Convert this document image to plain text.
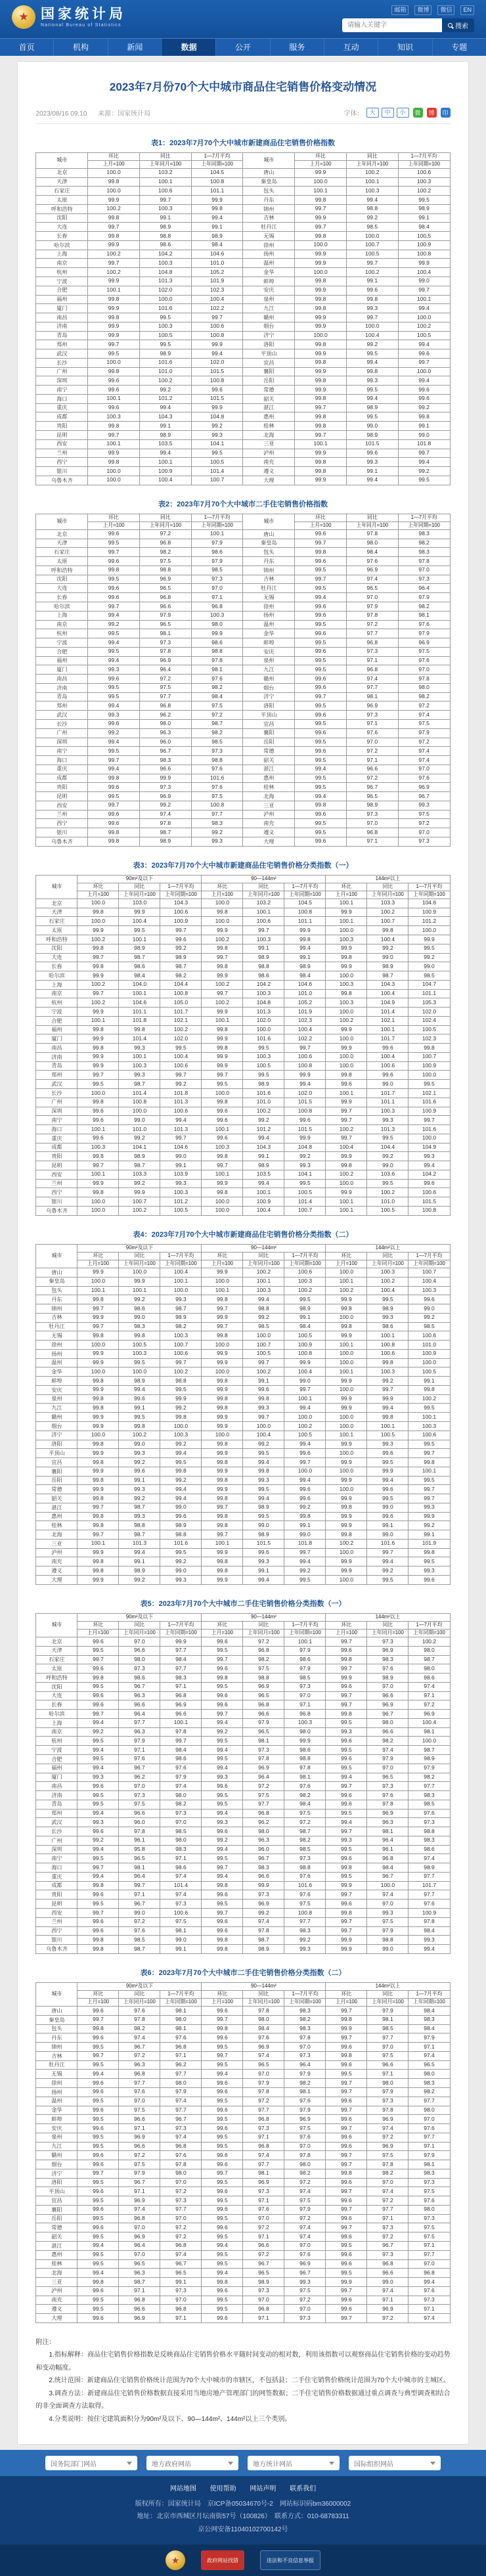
★ 国家统计局
National Bureau of Statistics
邮箱	微博	微信	EN
请输入关键字
搜索
首页	机构	新闻	数据	公开	服务	互动	知识	专题
2023年7月份70个大中城市商品住宅销售价格变动情况
2023/08/16 09:10 来源：国家统计局	字体：	大	中	小	微	博	印
表1：2023年7月70个大中城市新建商品住宅销售价格指数
城市	环比	同比	1—7月平均	城市	环比	同比	1—7月平均
	上月=100	上年同月=100	上年同期=100		上月=100	上年同月=100	上年同期=100
北京	100.0	103.2	104.5	唐山	99.9	100.2	100.6
天津	99.8	100.1	100.8	秦皇岛	100.0	100.1	100.3
石家庄	100.0	100.6	101.1	包头	100.1	100.3	100.2
太原	99.9	99.7	99.9	丹东	99.8	99.4	99.5
呼和浩特	100.2	100.3	99.8	锦州	99.7	98.8	98.9
沈阳	99.8	99.1	99.4	吉林	99.9	99.2	99.1
大连	99.7	98.9	99.1	牡丹江	99.7	98.5	98.4
长春	99.8	98.8	98.9	无锡	99.8	100.0	100.5
哈尔滨	99.9	98.6	98.4	徐州	100.0	100.7	100.9
上海	100.2	104.2	104.6	扬州	99.9	100.5	100.8
南京	99.7	100.3	101.0	温州	99.9	99.7	99.9
杭州	100.2	104.8	105.2	金华	100.0	100.2	100.4
宁波	99.9	101.3	101.9	蚌埠	99.8	99.1	99.0
合肥	100.1	102.0	102.3	安庆	99.9	99.6	99.7
福州	99.8	100.0	100.4	泉州	99.8	99.8	100.1
厦门	99.9	101.6	102.2	九江	99.8	99.3	99.4
南昌	99.8	99.5	99.7	赣州	99.9	99.7	100.0
济南	99.9	100.3	100.6	烟台	99.9	100.0	100.2
青岛	99.9	100.5	100.8	济宁	100.0	100.4	100.5
郑州	99.7	99.5	99.9	洛阳	99.8	99.2	99.4
武汉	99.5	98.9	99.4	平顶山	99.9	99.5	99.6
长沙	100.0	101.6	102.0	宜昌	99.8	99.4	99.7
广州	99.8	101.0	101.5	襄阳	99.9	99.8	100.0
深圳	99.6	100.2	100.8	岳阳	99.8	99.3	99.4
南宁	99.6	99.2	99.6	常德	99.9	99.5	99.6
海口	100.1	101.2	101.5	韶关	99.8	99.4	99.6
重庆	99.6	99.4	99.9	湛江	99.7	98.9	99.2
成都	100.3	104.3	104.8	惠州	99.8	99.5	99.8
贵阳	99.8	99.1	99.2	桂林	99.8	99.0	99.1
昆明	99.7	98.9	99.3	北海	99.7	98.9	99.0
西安	100.1	103.5	104.1	三亚	100.1	101.5	101.8
兰州	99.9	99.4	99.5	泸州	99.9	99.6	99.7
西宁	99.8	100.1	100.5	南充	99.8	99.3	99.4
银川	100.0	100.9	101.4	遵义	99.8	99.1	99.2
乌鲁木齐	100.0	100.4	100.7	大理	99.9	99.4	99.5
表2：2023年7月70个大中城市二手住宅销售价格指数
城市	环比	同比	1—7月平均	城市	环比	同比	1—7月平均
	上月=100	上年同月=100	上年同期=100		上月=100	上年同月=100	上年同期=100
北京	99.6	97.2	100.1	唐山	99.6	97.8	98.3
天津	99.5	96.8	97.9	秦皇岛	99.7	98.0	98.2
石家庄	99.7	98.2	98.6	包头	99.8	98.4	98.3
太原	99.6	97.5	97.9	丹东	99.6	97.6	97.8
呼和浩特	99.8	98.8	98.5	锦州	99.5	96.9	97.0
沈阳	99.5	96.9	97.3	吉林	99.7	97.4	97.3
大连	99.6	96.5	97.0	牡丹江	99.5	96.5	96.4
长春	99.6	96.8	97.1	无锡	99.4	97.0	97.9
哈尔滨	99.7	96.6	96.8	徐州	99.6	97.9	98.2
上海	99.4	97.9	100.3	扬州	99.6	97.8	98.1
南京	99.2	96.5	98.0	温州	99.5	97.2	97.6
杭州	99.5	98.1	99.9	金华	99.6	97.7	97.9
宁波	99.4	97.3	98.6	蚌埠	99.5	96.8	96.9
合肥	99.5	97.8	98.8	安庆	99.6	97.3	97.5
福州	99.4	96.9	97.8	泉州	99.5	97.1	97.6
厦门	99.3	96.4	98.1	九江	99.5	96.8	97.0
南昌	99.6	97.2	97.6	赣州	99.6	97.4	97.8
济南	99.5	97.5	98.2	烟台	99.6	97.7	98.0
青岛	99.5	97.7	98.4	济宁	99.7	98.1	98.2
郑州	99.4	96.8	97.5	洛阳	99.5	96.9	97.2
武汉	99.3	96.2	97.2	平顶山	99.6	97.3	97.4
长沙	99.6	98.0	98.7	宜昌	99.5	97.1	97.5
广州	99.2	96.3	98.2	襄阳	99.6	97.6	97.9
深圳	99.4	96.0	98.5	岳阳	99.5	97.0	97.2
南宁	99.5	96.7	97.3	常德	99.6	97.2	97.4
海口	99.7	98.3	98.8	韶关	99.5	97.1	97.4
重庆	99.4	96.6	97.6	湛江	99.4	96.6	97.0
成都	99.8	99.9	101.6	惠州	99.5	97.2	97.6
贵阳	99.6	97.3	97.6	桂林	99.5	96.7	96.9
昆明	99.5	96.9	97.5	北海	99.4	96.5	96.7
西安	99.7	99.2	100.8	三亚	99.8	98.9	99.3
兰州	99.6	97.4	97.7	泸州	99.6	97.3	97.5
西宁	99.6	97.8	98.3	南充	99.5	97.0	97.2
银川	99.8	98.7	99.2	遵义	99.5	96.8	97.0
乌鲁木齐	99.8	98.9	99.3	大理	99.6	97.1	97.3
表3：2023年7月70个大中城市新建商品住宅销售价格分类指数（一）
城市	90m²及以下			90—144m²			144m²以上		
	环比	同比	1—7月平均	环比	同比	1—7月平均	环比	同比	1—7月平均
	上月=100	上年同月=100	上年同期=100	上月=100	上年同月=100	上年同期=100	上月=100	上年同月=100	上年同期=100
北京	100.0	103.0	104.3	100.0	103.2	104.5	100.1	103.3	104.6
天津	99.8	99.9	100.6	99.8	100.1	100.8	99.9	100.2	100.9
石家庄	100.0	100.4	100.9	100.0	100.6	101.1	100.1	100.7	101.2
太原	99.9	99.5	99.7	99.9	99.7	99.9	100.0	99.8	100.0
呼和浩特	100.2	100.1	99.6	100.2	100.3	99.8	100.3	100.4	99.9
沈阳	99.8	98.9	99.2	99.8	99.1	99.4	99.9	99.2	99.5
大连	99.7	98.7	98.9	99.7	98.9	99.1	99.8	99.0	99.2
长春	99.8	98.6	98.7	99.8	98.8	98.9	99.9	98.9	99.0
哈尔滨	99.9	98.4	98.2	99.9	98.6	98.4	100.0	98.7	98.5
上海	100.2	104.0	104.4	100.2	104.2	104.6	100.3	104.3	104.7
南京	99.7	100.1	100.8	99.7	100.3	101.0	99.8	100.4	101.1
杭州	100.2	104.6	105.0	100.2	104.8	105.2	100.3	104.9	105.3
宁波	99.9	101.1	101.7	99.9	101.3	101.9	100.0	101.4	102.0
合肥	100.1	101.8	102.1	100.1	102.0	102.3	100.2	102.1	102.4
福州	99.8	99.8	100.2	99.8	100.0	100.4	99.9	100.1	100.5
厦门	99.9	101.4	102.0	99.9	101.6	102.2	100.0	101.7	102.3
南昌	99.8	99.3	99.5	99.8	99.5	99.7	99.9	99.6	99.8
济南	99.9	100.1	100.4	99.9	100.3	100.6	100.0	100.4	100.7
青岛	99.9	100.3	100.6	99.9	100.5	100.8	100.0	100.6	100.9
郑州	99.7	99.3	99.7	99.7	99.5	99.9	99.8	99.6	100.0
武汉	99.5	98.7	99.2	99.5	98.9	99.4	99.6	99.0	99.5
长沙	100.0	101.4	101.8	100.0	101.6	102.0	100.1	101.7	102.1
广州	99.8	100.8	101.3	99.8	101.0	101.5	99.9	101.1	101.6
深圳	99.6	100.0	100.6	99.6	100.2	100.8	99.7	100.3	100.9
南宁	99.6	99.0	99.4	99.6	99.2	99.6	99.7	99.3	99.7
海口	100.1	101.0	101.3	100.1	101.2	101.5	100.2	101.3	101.6
重庆	99.6	99.2	99.7	99.6	99.4	99.9	99.7	99.5	100.0
成都	100.3	104.1	104.6	100.3	104.3	104.8	100.4	104.4	104.9
贵阳	99.8	98.9	99.0	99.8	99.1	99.2	99.9	99.2	99.3
昆明	99.7	98.7	99.1	99.7	98.9	99.3	99.8	99.0	99.4
西安	100.1	103.3	103.9	100.1	103.5	104.1	100.2	103.6	104.2
兰州	99.9	99.2	99.3	99.9	99.4	99.5	100.0	99.5	99.6
西宁	99.8	99.9	100.3	99.8	100.1	100.5	99.9	100.2	100.6
银川	100.0	100.7	101.2	100.0	100.9	101.4	100.1	101.0	101.5
乌鲁木齐	100.0	100.2	100.5	100.0	100.4	100.7	100.1	100.5	100.8
表4：2023年7月70个大中城市新建商品住宅销售价格分类指数（二）
城市	90m²及以下			90—144m²			144m²以上		
	环比	同比	1—7月平均	环比	同比	1—7月平均	环比	同比	1—7月平均
	上月=100	上年同月=100	上年同期=100	上月=100	上年同月=100	上年同期=100	上月=100	上年同月=100	上年同期=100
唐山	99.9	100.0	100.4	99.9	100.2	100.6	100.0	100.3	100.7
秦皇岛	100.0	99.9	100.1	100.0	100.1	100.3	100.1	100.2	100.4
包头	100.1	100.1	100.0	100.1	100.3	100.2	100.2	100.4	100.3
丹东	99.8	99.2	99.3	99.8	99.4	99.5	99.9	99.5	99.6
锦州	99.7	98.6	98.7	99.7	98.8	98.9	99.8	98.9	99.0
吉林	99.9	99.0	98.9	99.9	99.2	99.1	100.0	99.3	99.2
牡丹江	99.7	98.3	98.2	99.7	98.5	98.4	99.8	98.6	98.5
无锡	99.8	99.8	100.3	99.8	100.0	100.5	99.9	100.1	100.6
徐州	100.0	100.5	100.7	100.0	100.7	100.9	100.1	100.8	101.0
扬州	99.9	100.3	100.6	99.9	100.5	100.8	100.0	100.6	100.9
温州	99.9	99.5	99.7	99.9	99.7	99.9	100.0	99.8	100.0
金华	100.0	100.0	100.2	100.0	100.2	100.4	100.1	100.3	100.5
蚌埠	99.8	98.9	98.8	99.8	99.1	99.0	99.9	99.2	99.1
安庆	99.9	99.4	99.5	99.9	99.6	99.7	100.0	99.7	99.8
泉州	99.8	99.6	99.9	99.8	99.8	100.1	99.9	99.9	100.2
九江	99.8	99.1	99.2	99.8	99.3	99.4	99.9	99.4	99.5
赣州	99.9	99.5	99.8	99.9	99.7	100.0	100.0	99.8	100.1
烟台	99.9	99.8	100.0	99.9	100.0	100.2	100.0	100.1	100.3
济宁	100.0	100.2	100.3	100.0	100.4	100.5	100.1	100.5	100.6
洛阳	99.8	99.0	99.2	99.8	99.2	99.4	99.9	99.3	99.5
平顶山	99.9	99.3	99.4	99.9	99.5	99.6	100.0	99.6	99.7
宜昌	99.8	99.2	99.5	99.8	99.4	99.7	99.9	99.5	99.8
襄阳	99.9	99.6	99.8	99.9	99.8	100.0	100.0	99.9	100.1
岳阳	99.8	99.1	99.2	99.8	99.3	99.4	99.9	99.4	99.5
常德	99.9	99.3	99.4	99.9	99.5	99.6	100.0	99.6	99.7
韶关	99.8	99.2	99.4	99.8	99.4	99.6	99.9	99.5	99.7
湛江	99.7	98.7	99.0	99.7	98.9	99.2	99.8	99.0	99.3
惠州	99.8	99.3	99.6	99.8	99.5	99.8	99.9	99.6	99.9
桂林	99.8	98.8	98.9	99.8	99.0	99.1	99.9	99.1	99.2
北海	99.7	98.7	98.8	99.7	98.9	99.0	99.8	99.0	99.1
三亚	100.1	101.3	101.6	100.1	101.5	101.8	100.2	101.6	101.9
泸州	99.9	99.4	99.5	99.9	99.6	99.7	100.0	99.7	99.8
南充	99.8	99.1	99.2	99.8	99.3	99.4	99.9	99.4	99.5
遵义	99.8	98.9	99.0	99.8	99.1	99.2	99.9	99.2	99.3
大理	99.9	99.2	99.3	99.9	99.4	99.5	100.0	99.5	99.6
表5：2023年7月70个大中城市二手住宅销售价格分类指数（一）
城市	90m²及以下			90—144m²			144m²以上		
	环比	同比	1—7月平均	环比	同比	1—7月平均	环比	同比	1—7月平均
	上月=100	上年同月=100	上年同期=100	上月=100	上年同月=100	上年同期=100	上月=100	上年同月=100	上年同期=100
北京	99.6	97.0	99.9	99.6	97.2	100.1	99.7	97.3	100.2
天津	99.5	96.6	97.7	99.5	96.8	97.9	99.6	96.9	98.0
石家庄	99.7	98.0	98.4	99.7	98.2	98.6	99.8	98.3	98.7
太原	99.6	97.3	97.7	99.6	97.5	97.9	99.7	97.6	98.0
呼和浩特	99.8	98.6	98.3	99.8	98.8	98.5	99.9	98.9	98.6
沈阳	99.5	96.7	97.1	99.5	96.9	97.3	99.6	97.0	97.4
大连	99.6	96.3	96.8	99.6	96.5	97.0	99.7	96.6	97.1
长春	99.6	96.6	96.9	99.6	96.8	97.1	99.7	96.9	97.2
哈尔滨	99.7	96.4	96.6	99.7	96.6	96.8	99.8	96.7	96.9
上海	99.4	97.7	100.1	99.4	97.9	100.3	99.5	98.0	100.4
南京	99.2	96.3	97.8	99.2	96.5	98.0	99.3	96.6	98.1
杭州	99.5	97.9	99.7	99.5	98.1	99.9	99.6	98.2	100.0
宁波	99.4	97.1	98.4	99.4	97.3	98.6	99.5	97.4	98.7
合肥	99.5	97.6	98.6	99.5	97.8	98.8	99.6	97.9	98.9
福州	99.4	96.7	97.6	99.4	96.9	97.8	99.5	97.0	97.9
厦门	99.3	96.2	97.9	99.3	96.4	98.1	99.4	96.5	98.2
南昌	99.6	97.0	97.4	99.6	97.2	97.6	99.7	97.3	97.7
济南	99.5	97.3	98.0	99.5	97.5	98.2	99.6	97.6	98.3
青岛	99.5	97.5	98.2	99.5	97.7	98.4	99.6	97.8	98.5
郑州	99.4	96.6	97.3	99.4	96.8	97.5	99.5	96.9	97.6
武汉	99.3	96.0	97.0	99.3	96.2	97.2	99.4	96.3	97.3
长沙	99.6	97.8	98.5	99.6	98.0	98.7	99.7	98.1	98.8
广州	99.2	96.1	98.0	99.2	96.3	98.2	99.3	96.4	98.3
深圳	99.4	95.8	98.3	99.4	96.0	98.5	99.5	96.1	98.6
南宁	99.5	96.5	97.1	99.5	96.7	97.3	99.6	96.8	97.4
海口	99.7	98.1	98.6	99.7	98.3	98.8	99.8	98.4	98.9
重庆	99.4	96.4	97.4	99.4	96.6	97.6	99.5	96.7	97.7
成都	99.8	99.7	101.4	99.8	99.9	101.6	99.9	100.0	101.7
贵阳	99.6	97.1	97.4	99.6	97.3	97.6	99.7	97.4	97.7
昆明	99.5	96.7	97.3	99.5	96.9	97.5	99.6	97.0	97.6
西安	99.7	99.0	100.6	99.7	99.2	100.8	99.8	99.3	100.9
兰州	99.6	97.2	97.5	99.6	97.4	97.7	99.7	97.5	97.8
西宁	99.6	97.6	98.1	99.6	97.8	98.3	99.7	97.9	98.4
银川	99.8	98.5	99.0	99.8	98.7	99.2	99.9	98.8	99.3
乌鲁木齐	99.8	98.7	99.1	99.8	98.9	99.3	99.9	99.0	99.4
表6：2023年7月70个大中城市二手住宅销售价格分类指数（二）
城市	90m²及以下			90—144m²			144m²以上		
	环比	同比	1—7月平均	环比	同比	1—7月平均	环比	同比	1—7月平均
	上月=100	上年同月=100	上年同期=100	上月=100	上年同月=100	上年同期=100	上月=100	上年同月=100	上年同期=100
唐山	99.6	97.6	98.1	99.6	97.8	98.3	99.7	97.9	98.4
秦皇岛	99.7	97.8	98.0	99.7	98.0	98.2	99.8	98.1	98.3
包头	99.8	98.2	98.1	99.8	98.4	98.3	99.9	98.5	98.4
丹东	99.6	97.4	97.6	99.6	97.6	97.8	99.7	97.7	97.9
锦州	99.5	96.7	96.8	99.5	96.9	97.0	99.6	97.0	97.1
吉林	99.7	97.2	97.1	99.7	97.4	97.3	99.8	97.5	97.4
牡丹江	99.5	96.3	96.2	99.5	96.5	96.4	99.6	96.6	96.5
无锡	99.4	96.8	97.7	99.4	97.0	97.9	99.5	97.1	98.0
徐州	99.6	97.7	98.0	99.6	97.9	98.2	99.7	98.0	98.3
扬州	99.6	97.6	97.9	99.6	97.8	98.1	99.7	97.9	98.2
温州	99.5	97.0	97.4	99.5	97.2	97.6	99.6	97.3	97.7
金华	99.6	97.5	97.7	99.6	97.7	97.9	99.7	97.8	98.0
蚌埠	99.5	96.6	96.7	99.5	96.8	96.9	99.6	96.9	97.0
安庆	99.6	97.1	97.3	99.6	97.3	97.5	99.7	97.4	97.6
泉州	99.5	96.9	97.4	99.5	97.1	97.6	99.6	97.2	97.7
九江	99.5	96.6	96.8	99.5	96.8	97.0	99.6	96.9	97.1
赣州	99.6	97.2	97.6	99.6	97.4	97.8	99.7	97.5	97.9
烟台	99.6	97.5	97.8	99.6	97.7	98.0	99.7	97.8	98.1
济宁	99.7	97.9	98.0	99.7	98.1	98.2	99.8	98.2	98.3
洛阳	99.5	96.7	97.0	99.5	96.9	97.2	99.6	97.0	97.3
平顶山	99.6	97.1	97.2	99.6	97.3	97.4	99.7	97.4	97.5
宜昌	99.5	96.9	97.3	99.5	97.1	97.5	99.6	97.2	97.6
襄阳	99.6	97.4	97.7	99.6	97.6	97.9	99.7	97.7	98.0
岳阳	99.5	96.8	97.0	99.5	97.0	97.2	99.6	97.1	97.3
常德	99.6	97.0	97.2	99.6	97.2	97.4	99.7	97.3	97.5
韶关	99.5	96.9	97.2	99.5	97.1	97.4	99.6	97.2	97.5
湛江	99.4	96.4	96.8	99.4	96.6	97.0	99.5	96.7	97.1
惠州	99.5	97.0	97.4	99.5	97.2	97.6	99.6	97.3	97.7
桂林	99.5	96.5	96.7	99.5	96.7	96.9	99.6	96.8	97.0
北海	99.4	96.3	96.5	99.4	96.5	96.7	99.5	96.6	96.8
三亚	99.8	98.7	99.1	99.8	98.9	99.3	99.9	99.0	99.4
泸州	99.6	97.1	97.3	99.6	97.3	97.5	99.7	97.4	97.6
南充	99.5	96.8	97.0	99.5	97.0	97.2	99.6	97.1	97.3
遵义	99.5	96.6	96.8	99.5	96.8	97.0	99.6	96.9	97.1
大理	99.6	96.9	97.1	99.6	97.1	97.3	99.7	97.2	97.4

附注：

　　1.指标解释：商品住宅销售价格指数是反映商品住宅销售价格水平随时间变动的相对数，利用该指数可以观察商品住宅销售价格的变动趋势和变动幅度。

　　2.统计范围：新建商品住宅销售价格统计范围为70个大中城市的市辖区，不包括县；二手住宅销售价格统计范围为70个大中城市的主城区。

　　3.调查方法：新建商品住宅销售价格数据直接采用当地房地产管理部门的网签数据；二手住宅销售价格数据通过重点调查与典型调查相结合的非全面调查方法取得。

　　4.分类说明：按住宅建筑面积分为90m²及以下、90—144m²、144m²以上三个类别。

国务院部门网站	地方政府网站	地方统计网站	国际组织网站
网站地图 使用帮助 网站声明 联系我们
版权所有：国家统计局　京ICP备05034670号-2　网站标识码bm36000002
地址：北京市西城区月坛南街57号（100826）　联系方式：010-68783311
京公网安备11040102700142号
★	政府网站找错	违法和不良信息举报
